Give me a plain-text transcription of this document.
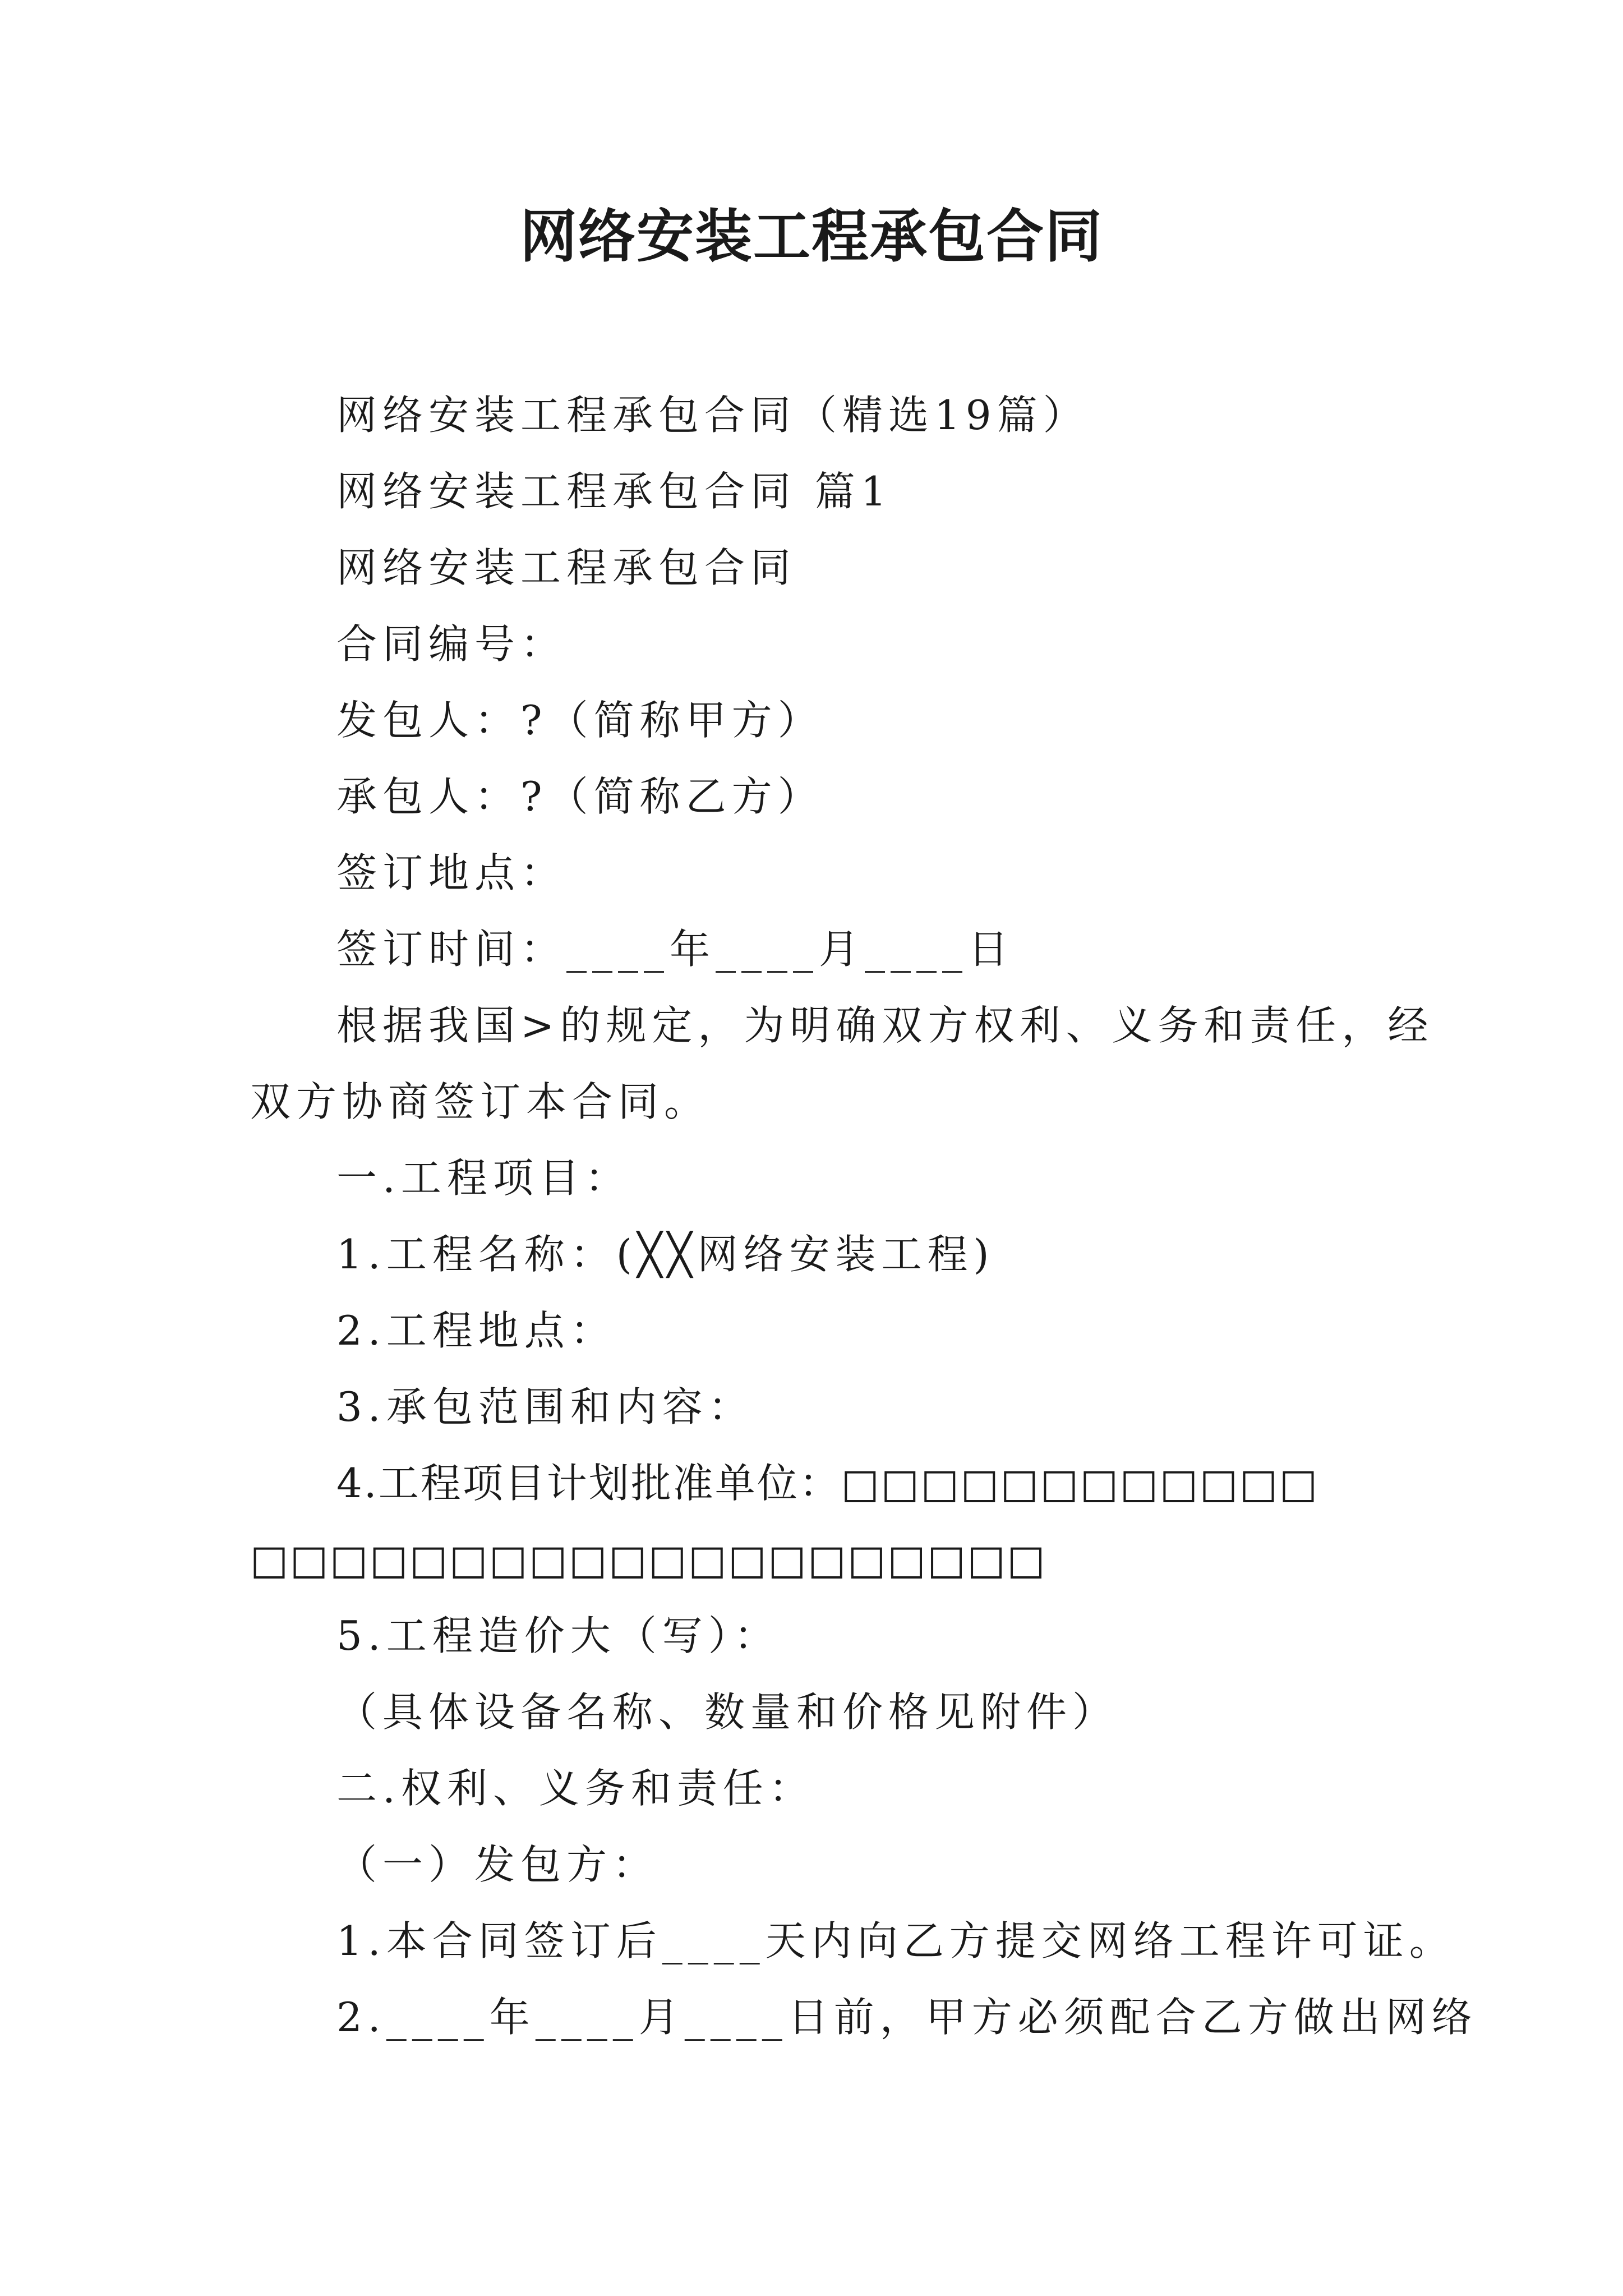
网络安装工程承包合同
网络安装工程承包合同（精选19篇）
网络安装工程承包合同 篇1
网络安装工程承包合同
合同编号：
发包人：?（简称甲方）
承包人：?（简称乙方）
签订地点：
签订时间：____年____月____日
根据我国>的规定，为明确双方权利、义务和责任，经
双方协商签订本合同。
一.工程项目：
1.工程名称：(╳╳网络安装工程)
2.工程地点：
3.承包范围和内容：
4.工程项目计划批准单位：□□□□□□□□□□□□
□□□□□□□□□□□□□□□□□□□□
5.工程造价大（写）：
（具体设备名称、数量和价格见附件）
二.权利、义务和责任：
（一）发包方：
1.本合同签订后____天内向乙方提交网络工程许可证。
2.____年____月____日前，甲方必须配合乙方做出网络
